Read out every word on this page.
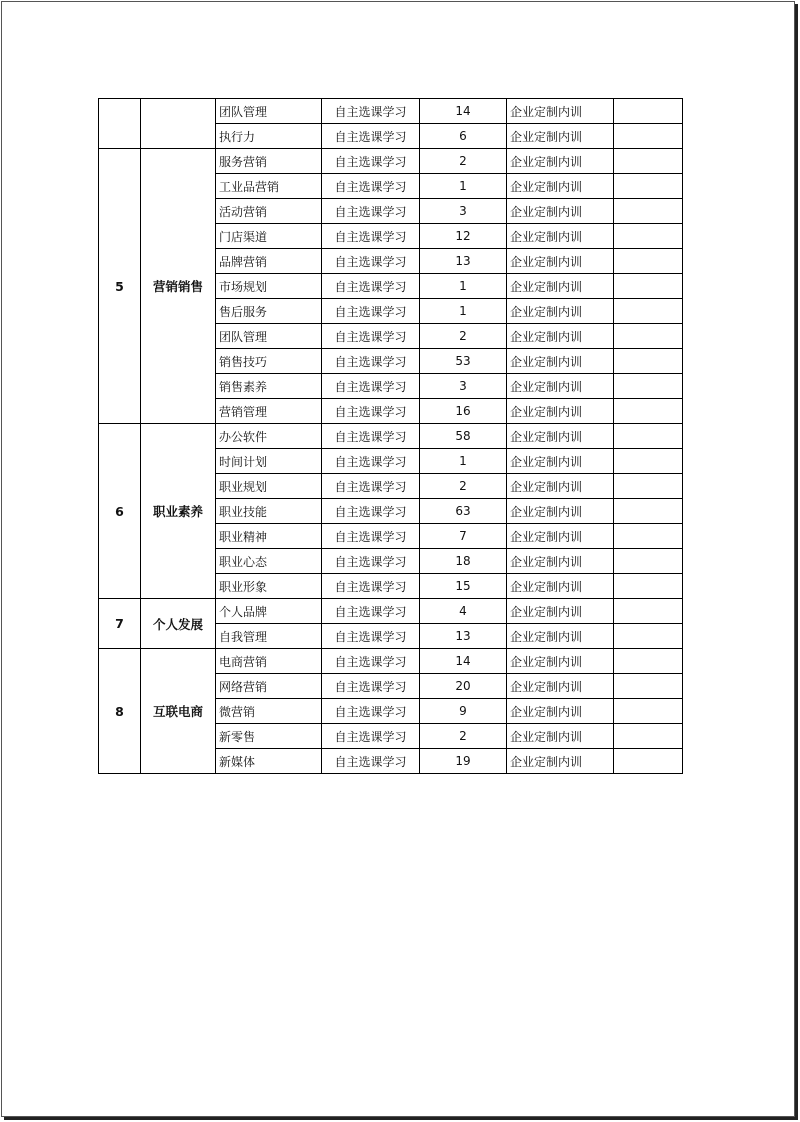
		团队管理	自主选课学习	14	企业定制内训	
		执行力	自主选课学习	6	企业定制内训	
5	营销销售	服务营销	自主选课学习	2	企业定制内训	
		工业品营销	自主选课学习	1	企业定制内训	
		活动营销	自主选课学习	3	企业定制内训	
		门店渠道	自主选课学习	12	企业定制内训	
		品牌营销	自主选课学习	13	企业定制内训	
		市场规划	自主选课学习	1	企业定制内训	
		售后服务	自主选课学习	1	企业定制内训	
		团队管理	自主选课学习	2	企业定制内训	
		销售技巧	自主选课学习	53	企业定制内训	
		销售素养	自主选课学习	3	企业定制内训	
		营销管理	自主选课学习	16	企业定制内训	
6	职业素养	办公软件	自主选课学习	58	企业定制内训	
		时间计划	自主选课学习	1	企业定制内训	
		职业规划	自主选课学习	2	企业定制内训	
		职业技能	自主选课学习	63	企业定制内训	
		职业精神	自主选课学习	7	企业定制内训	
		职业心态	自主选课学习	18	企业定制内训	
		职业形象	自主选课学习	15	企业定制内训	
7	个人发展	个人品牌	自主选课学习	4	企业定制内训	
		自我管理	自主选课学习	13	企业定制内训	
8	互联电商	电商营销	自主选课学习	14	企业定制内训	
		网络营销	自主选课学习	20	企业定制内训	
		微营销	自主选课学习	9	企业定制内训	
		新零售	自主选课学习	2	企业定制内训	
		新媒体	自主选课学习	19	企业定制内训	
